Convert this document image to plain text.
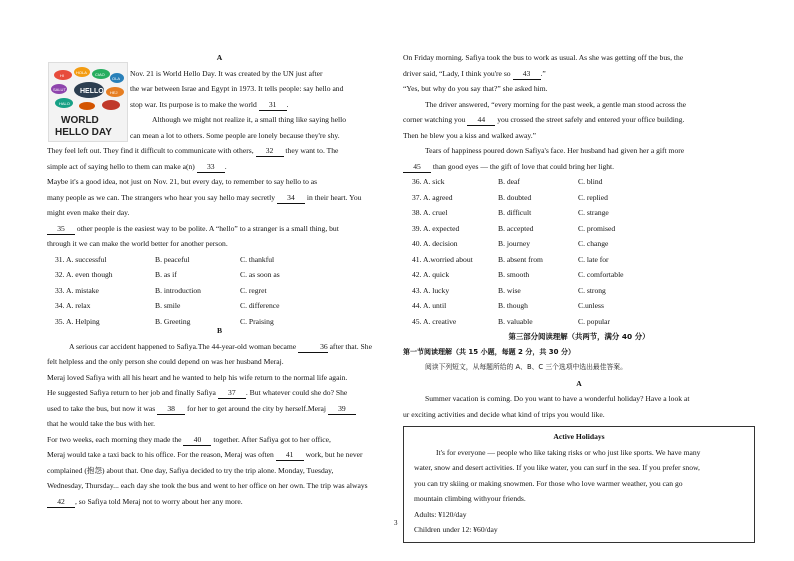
HELLO
HI
HOLA CIAO
OLA
SALUT
HEJ
HALO
WORLD
HELLO DAY
A

Nov. 21 is World Hello Day. It was created by the UN just after

the war between Israe and Egypt in 1973. It tells people: say hello and

stop war. Its purpose is to make the world 31 .

Although we might not realize it, a small thing like saying hello

can mean a lot to others. Some people are lonely because they're shy.

They feel left out. They find it difficult to communicate with others, 32 they want to. The

simple act of saying hello to them can make a(n) 33 .

Maybe it's a good idea, not just on Nov. 21, but every day, to remember to say hello to as

many people as we can. The strangers who hear you say hello may secretly 34 in their heart. You

might even make their day.

35 other people is the easiest way to be polite. A “hello” to a stranger is a small thing, but

through it we can make the world better for another person.

31. A. successful	B. peaceful	C. thankful
32. A. even though	B. as if	C. as soon as
33. A. mistake	B. introduction	C. regret
34. A. relax	B. smile	C. difference
35. A. Helping	B. Greeting	C. Praising
B

A serious car accident happened to Safiya.The 44-year-old woman became	36 after that. She

felt helpless and the only person she could depend on was her husband Meraj.

Meraj loved Safiya with all his heart and he wanted to help his wife return to the normal life again.

He suggested Safiya return to her job and finally Safiya 37 . But whatever could she do? She

used to take the bus, but now it was 38 for her to get around the city by herself.Meraj 39

that he would take the bus with her.

For two weeks, each morning they made the 40 together. After Safiya got to her office,

Meraj would take a taxi back to his office. For the reason, Meraj was often 41 work, but he never

complained (抱怨) about that. One day, Safiya decided to try the trip alone. Monday, Tuesday,

Wednesday, Thursday... each day she took the bus and went to her office on her own. The trip was always

42 , so Safiya told Meraj not to worry about her any more.

On Friday morning. Safiya took the bus to work as usual. As she was getting off the bus, the

driver said, “Lady, I think you're so 43 .”

“Yes, but why do you say that?” she asked him.

The driver answered, “every morning for the past week, a gentle man stood across the

corner watching you 44 you crossed the street safely and entered your office building.

Then he blew you a kiss and walked away.”

Tears of happiness poured down Safiya's face. Her husband had given her a gift more

45 than good eyes — the gift of love that could bring her light.

36. A. sick	B. deaf	C. blind
37. A. agreed	B. doubted	C. replied
38. A. cruel	B. difficult	C. strange
39. A. expected	B. accepted	C. promised
40. A. decision	B. journey	C. change
41. A.worried about	B. absent from	C. late for
42. A. quick	B. smooth	C. comfortable
43. A. lucky	B. wise	C. strong
44. A. until	B. though	C.unless
45. A. creative	B. valuable	C. popular
第三部分阅读理解（共两节，满分 40 分）
第一节阅读理解（共 15 小题，每题 2 分，共 30 分）
阅读下列短文，从每题所给的 A、B、C 三个选项中选出最佳答案。
A

Summer vacation is coming. Do you want to have a wonderful holiday? Have a look at

ur exciting activities and decide what kind of trips you would like.

Active Holidays

It's for everyone — people who like taking risks or who just like sports. We have many

water, snow and desert activities. If you like water, you can surf in the sea. If you prefer snow,

you can try skiing or making snowmen. For those who love warmer weather, you can go

mountain climbing withyour friends.

Adults: ¥120/day

Children under 12: ¥60/day

3
